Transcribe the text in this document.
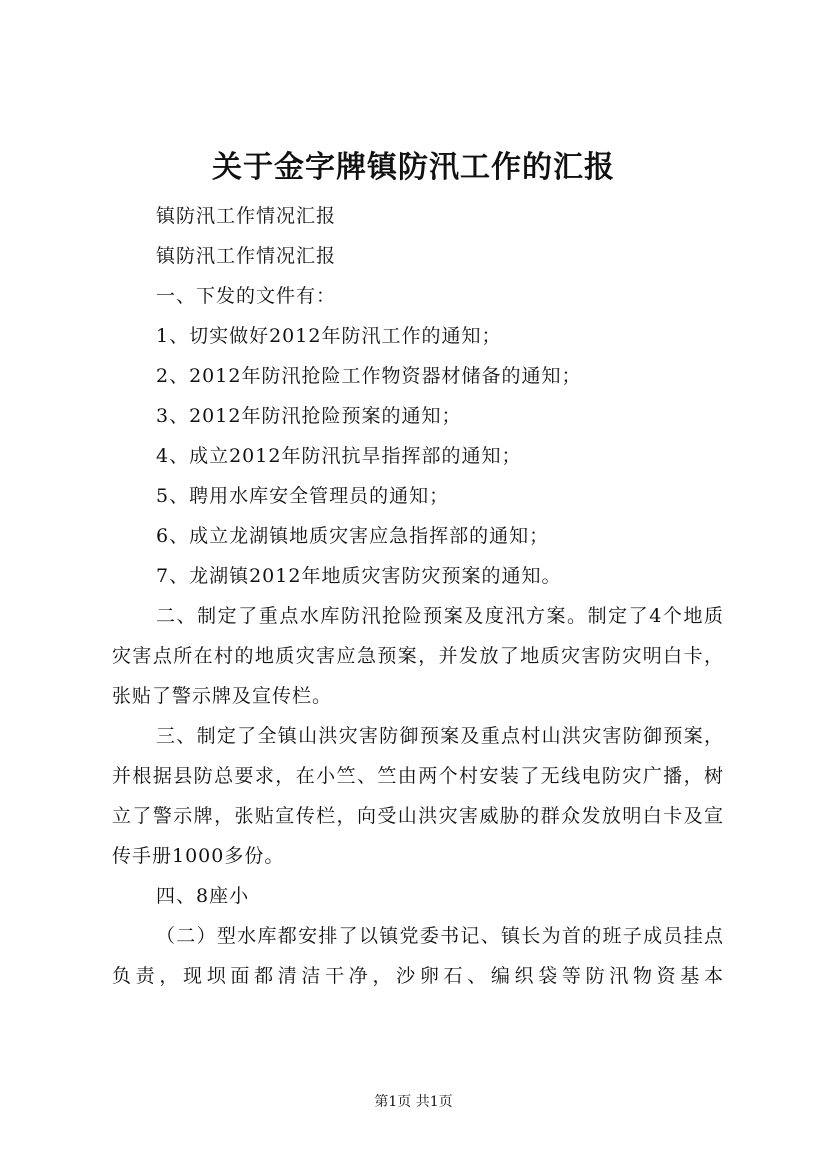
关于金字牌镇防汛工作的汇报

镇防汛工作情况汇报

镇防汛工作情况汇报

一、下发的文件有：

1、切实做好2012年防汛工作的通知；

2、2012年防汛抢险工作物资器材储备的通知；

3、2012年防汛抢险预案的通知；

4、成立2012年防汛抗旱指挥部的通知；

5、聘用水库安全管理员的通知；

6、成立龙湖镇地质灾害应急指挥部的通知；

7、龙湖镇2012年地质灾害防灾预案的通知。

二、制定了重点水库防汛抢险预案及度汛方案。制定了4个地质灾害点所在村的地质灾害应急预案，并发放了地质灾害防灾明白卡，张贴了警示牌及宣传栏。

三、制定了全镇山洪灾害防御预案及重点村山洪灾害防御预案，并根据县防总要求，在小竺、竺由两个村安装了无线电防灾广播，树立了警示牌，张贴宣传栏，向受山洪灾害威胁的群众发放明白卡及宣传手册1000多份。

四、8座小

（二）型水库都安排了以镇党委书记、镇长为首的班子成员挂点负责，现坝面都清洁干净，沙卵石、编织袋等防汛物资基本

第1页 共1页
